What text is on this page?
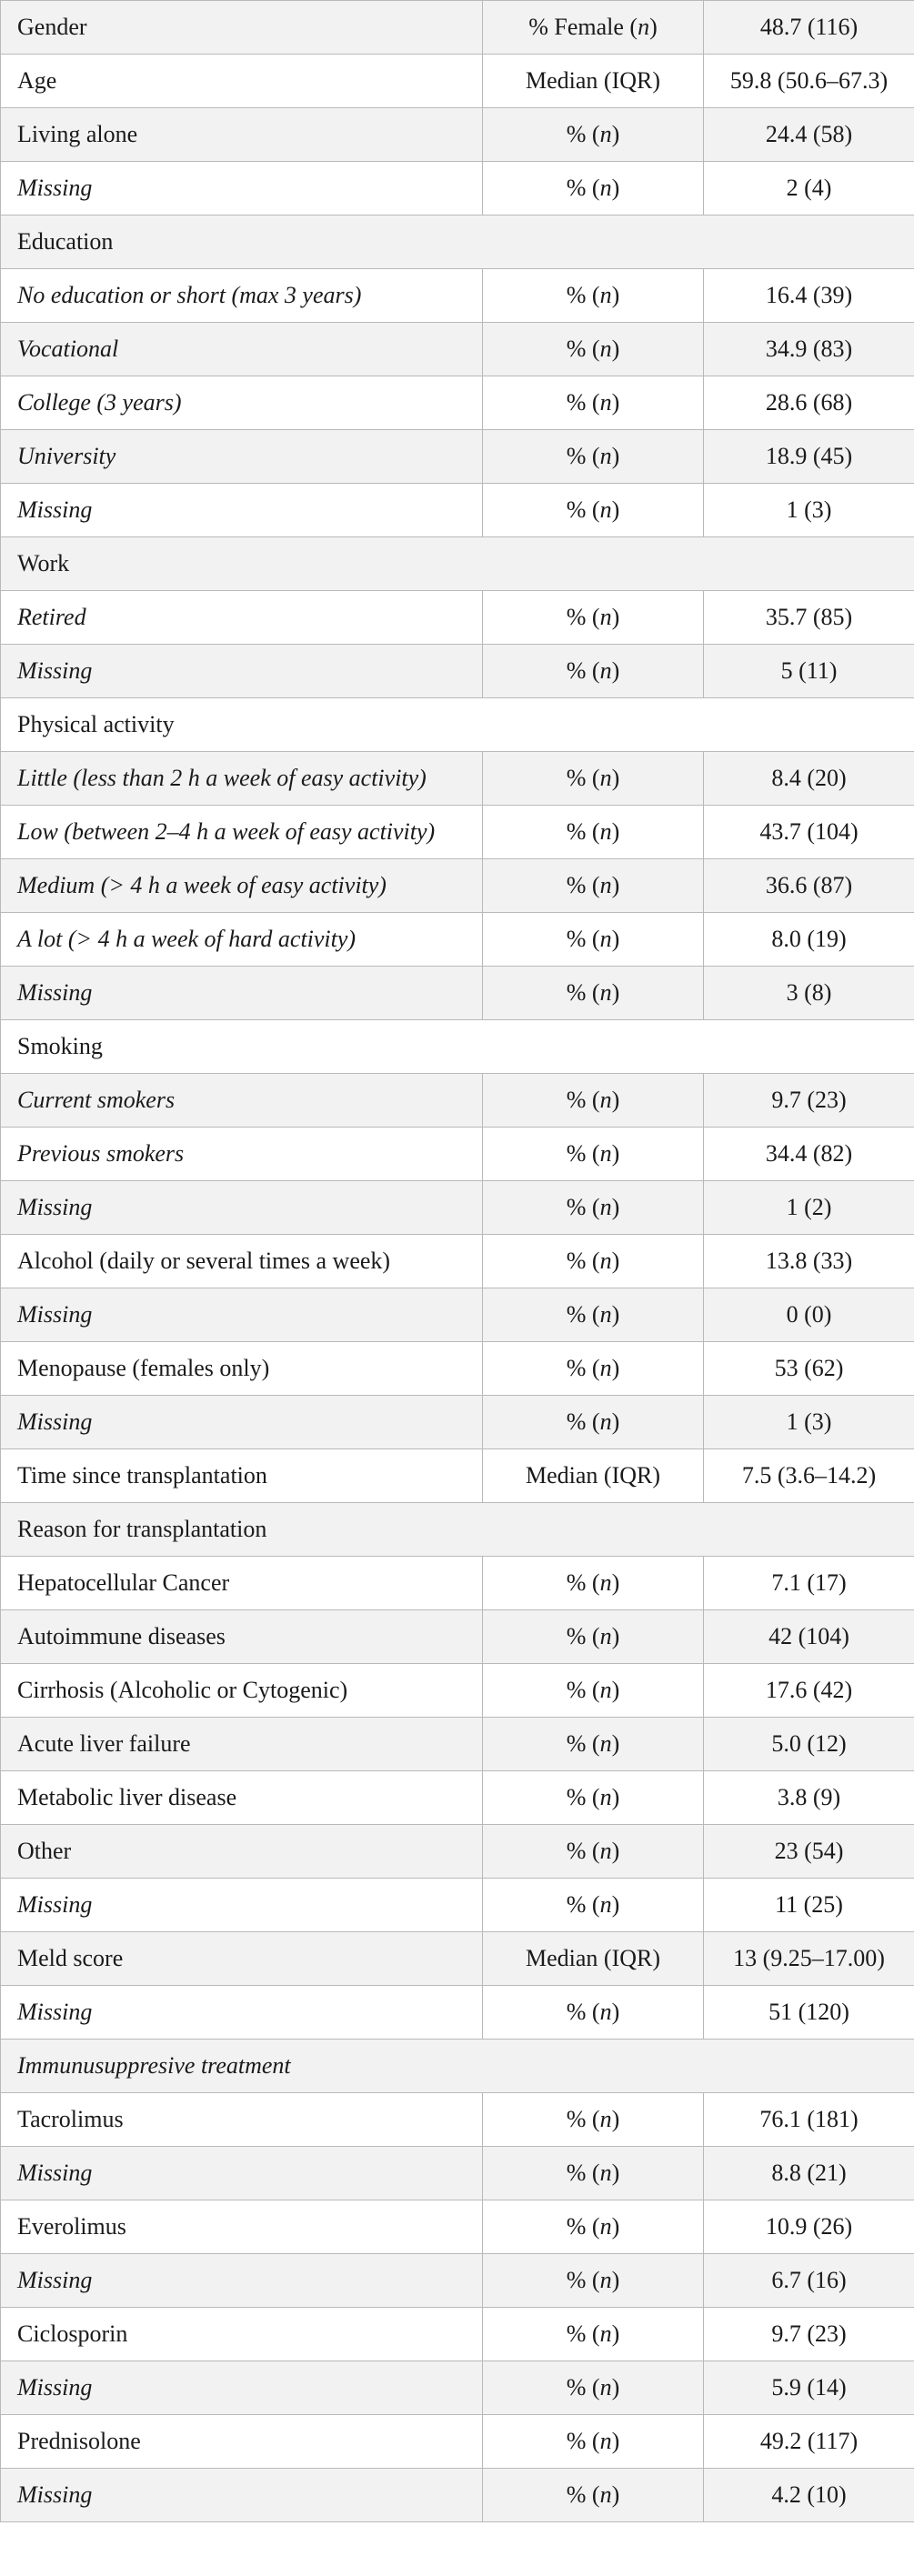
Gender	% Female (n)	48.7 (116)
Age	Median (IQR)	59.8 (50.6–67.3)
Living alone	% (n)	24.4 (58)
Missing	% (n)	2 (4)
Education		
No education or short (max 3 years)	% (n)	16.4 (39)
Vocational	% (n)	34.9 (83)
College (3 years)	% (n)	28.6 (68)
University	% (n)	18.9 (45)
Missing	% (n)	1 (3)
Work		
Retired	% (n)	35.7 (85)
Missing	% (n)	5 (11)
Physical activity		
Little (less than 2 h a week of easy activity)	% (n)	8.4 (20)
Low (between 2–4 h a week of easy activity)	% (n)	43.7 (104)
Medium (> 4 h a week of easy activity)	% (n)	36.6 (87)
A lot (> 4 h a week of hard activity)	% (n)	8.0 (19)
Missing	% (n)	3 (8)
Smoking		
Current smokers	% (n)	9.7 (23)
Previous smokers	% (n)	34.4 (82)
Missing	% (n)	1 (2)
Alcohol (daily or several times a week)	% (n)	13.8 (33)
Missing	% (n)	0 (0)
Menopause (females only)	% (n)	53 (62)
Missing	% (n)	1 (3)
Time since transplantation	Median (IQR)	7.5 (3.6–14.2)
Reason for transplantation		
Hepatocellular Cancer	% (n)	7.1 (17)
Autoimmune diseases	% (n)	42 (104)
Cirrhosis (Alcoholic or Cytogenic)	% (n)	17.6 (42)
Acute liver failure	% (n)	5.0 (12)
Metabolic liver disease	% (n)	3.8 (9)
Other	% (n)	23 (54)
Missing	% (n)	11 (25)
Meld score	Median (IQR)	13 (9.25–17.00)
Missing	% (n)	51 (120)
Immunusuppresive treatment		
Tacrolimus	% (n)	76.1 (181)
Missing	% (n)	8.8 (21)
Everolimus	% (n)	10.9 (26)
Missing	% (n)	6.7 (16)
Ciclosporin	% (n)	9.7 (23)
Missing	% (n)	5.9 (14)
Prednisolone	% (n)	49.2 (117)
Missing	% (n)	4.2 (10)
